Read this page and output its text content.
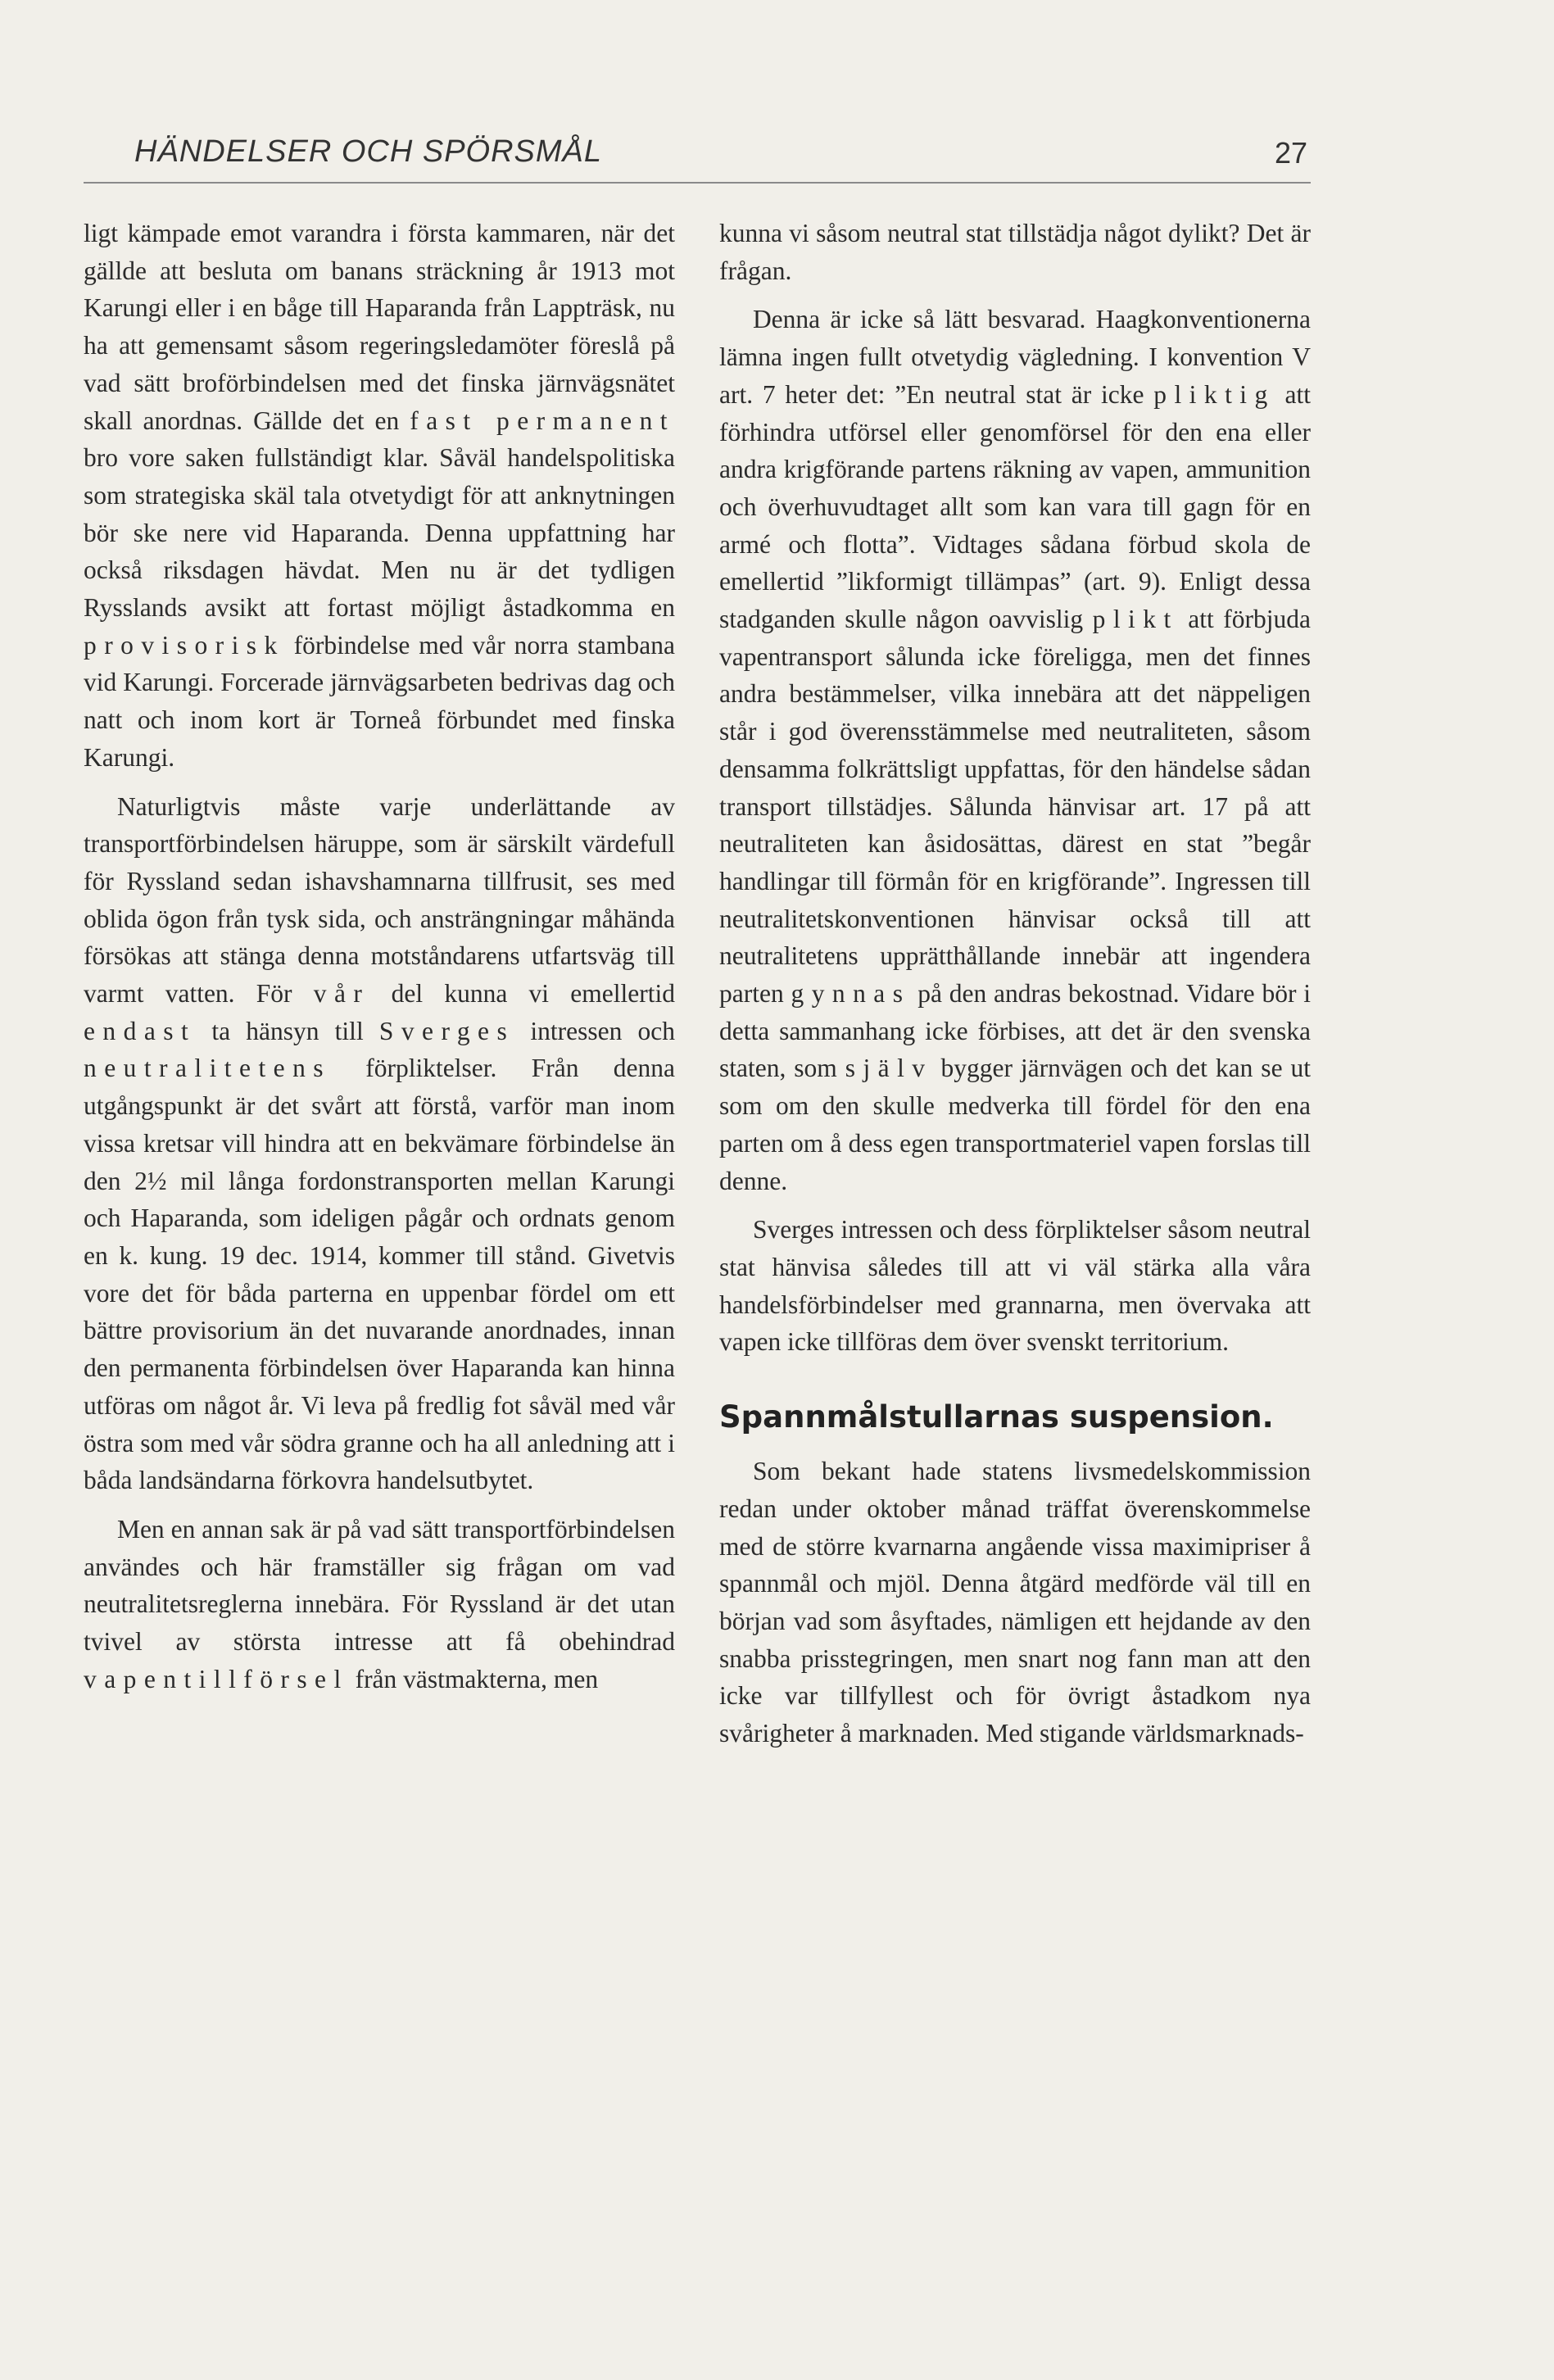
HÄNDELSER OCH SPÖRSMÅL	27

ligt kämpade emot varandra i första kammaren, när det gällde att besluta om banans sträckning år 1913 mot Karungi eller i en båge till Haparanda från Lappträsk, nu ha att gemensamt såsom regeringsledamöter föreslå på vad sätt broförbindelsen med det finska järnvägsnätet skall anordnas. Gällde det en fast permanent bro vore saken fullständigt klar. Såväl handelspolitiska som strategiska skäl tala otvetydigt för att anknytningen bör ske nere vid Haparanda. Denna uppfattning har också riksdagen hävdat. Men nu är det tydligen Rysslands avsikt att fortast möjligt åstadkomma en provisorisk förbindelse med vår norra stambana vid Karungi. Forcerade järnvägsarbeten bedrivas dag och natt och inom kort är Torneå förbundet med finska Karungi.

Naturligtvis måste varje underlättande av transportförbindelsen häruppe, som är särskilt värdefull för Ryssland sedan ishavshamnarna tillfrusit, ses med oblida ögon från tysk sida, och ansträngningar måhända försökas att stänga denna motståndarens utfartsväg till varmt vatten. För vår del kunna vi emellertid endast ta hänsyn till Sverges intressen och neutralitetens förpliktelser. Från denna utgångspunkt är det svårt att förstå, varför man inom vissa kretsar vill hindra att en bekvämare förbindelse än den 2½ mil långa fordonstransporten mellan Karungi och Haparanda, som ideligen pågår och ordnats genom en k. kung. 19 dec. 1914, kommer till stånd. Givetvis vore det för båda parterna en uppenbar fördel om ett bättre provisorium än det nuvarande anordnades, innan den permanenta förbindelsen över Haparanda kan hinna utföras om något år. Vi leva på fredlig fot såväl med vår östra som med vår södra granne och ha all anledning att i båda landsändarna förkovra handelsutbytet.

Men en annan sak är på vad sätt transportförbindelsen användes och här framställer sig frågan om vad neutralitetsreglerna innebära. För Ryssland är det utan tvivel av största intresse att få obehindrad vapentillförsel från västmakterna, men

kunna vi såsom neutral stat tillstädja något dylikt? Det är frågan.

Denna är icke så lätt besvarad. Haagkonventionerna lämna ingen fullt otvetydig vägledning. I konvention V art. 7 heter det: ”En neutral stat är icke pliktig att förhindra utförsel eller genomförsel för den ena eller andra krigförande partens räkning av vapen, ammunition och överhuvudtaget allt som kan vara till gagn för en armé och flotta”. Vidtages sådana förbud skola de emellertid ”likformigt tillämpas” (art. 9). Enligt dessa stadganden skulle någon oavvislig plikt att förbjuda vapentransport sålunda icke föreligga, men det finnes andra bestämmelser, vilka innebära att det näppeligen står i god överensstämmelse med neutraliteten, såsom densamma folkrättsligt uppfattas, för den händelse sådan transport tillstädjes. Sålunda hänvisar art. 17 på att neutraliteten kan åsidosättas, därest en stat ”begår handlingar till förmån för en krigförande”. Ingressen till neutralitetskonventionen hänvisar också till att neutralitetens upprätthållande innebär att ingendera parten gynnas på den andras bekostnad. Vidare bör i detta sammanhang icke förbises, att det är den svenska staten, som själv bygger järnvägen och det kan se ut som om den skulle medverka till fördel för den ena parten om å dess egen transportmateriel vapen forslas till denne.

Sverges intressen och dess förpliktelser såsom neutral stat hänvisa således till att vi väl stärka alla våra handelsförbindelser med grannarna, men övervaka att vapen icke tillföras dem över svenskt territorium.

Spannmålstullarnas suspension.

Som bekant hade statens livsmedelskommission redan under oktober månad träffat överenskommelse med de större kvarnarna angående vissa maximipriser å spannmål och mjöl. Denna åtgärd medförde väl till en början vad som åsyftades, nämligen ett hejdande av den snabba prisstegringen, men snart nog fann man att den icke var tillfyllest och för övrigt åstadkom nya svårigheter å marknaden. Med stigande världsmarknads-
